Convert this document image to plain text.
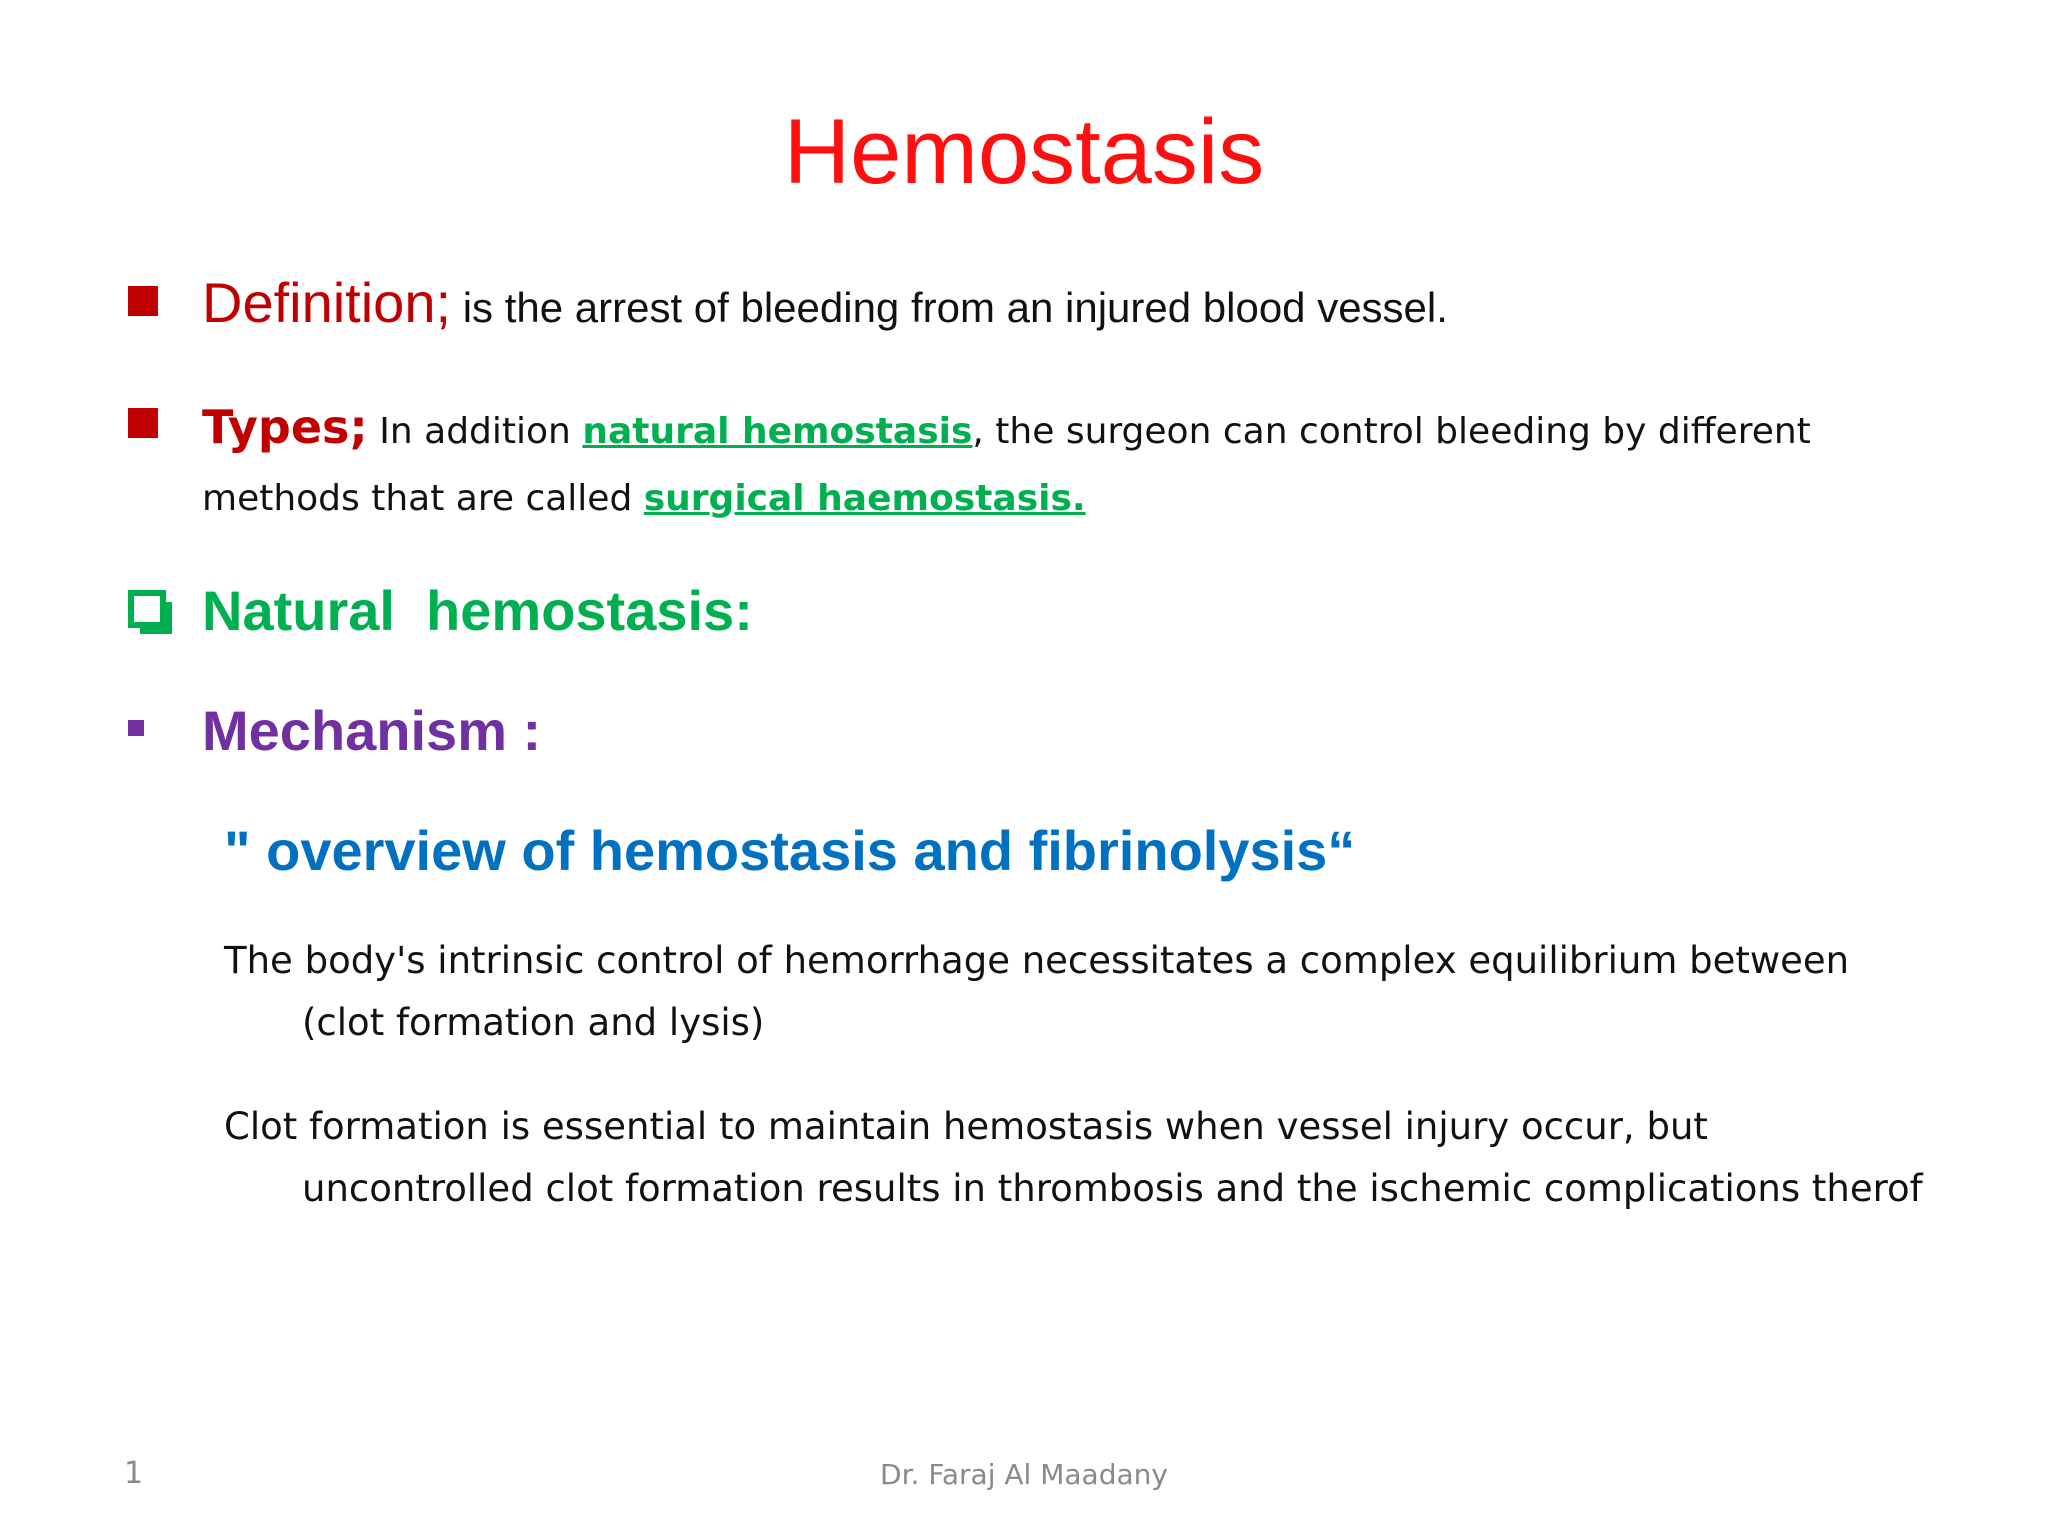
Hemostasis
Definition; is the arrest of bleeding from an injured blood vessel.
Types; In addition natural hemostasis, the surgeon can control bleeding by different methods that are called surgical haemostasis.
Natural  hemostasis:
Mechanism :
" overview of hemostasis and fibrinolysis“
The body's intrinsic control of hemorrhage necessitates a complex equilibrium between
(clot formation and lysis)
Clot formation is essential to maintain hemostasis when vessel injury occur, but
uncontrolled clot formation results in thrombosis and the ischemic complications therof
1	Dr. Faraj Al Maadany
